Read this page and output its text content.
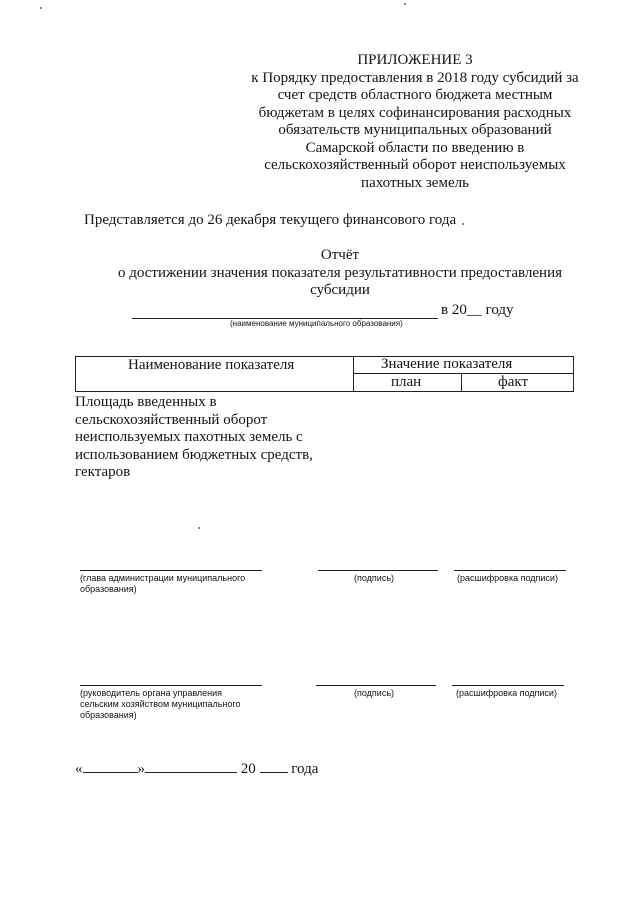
ПРИЛОЖЕНИЕ 3
к Порядку предоставления в 2018 году субсидий за
счет средств областного бюджета местным
бюджетам в целях софинансирования расходных
обязательств муниципальных образований
Самарской области по введению в
сельскохозяйственный оборот неиспользуемых
пахотных земель
Представляется до 26 декабря текущего финансового года
Отчёт
о достижении значения показателя результативности предоставления
субсидии
(наименование муниципального образования)
в 20__ году
Наименование показателя	Значение показателя
план	факт
Площадь введенных в
сельскохозяйственный оборот
неиспользуемых пахотных земель с
использованием бюджетных средств,
гектаров
(глава администрации муниципального
образования)
(подпись)	(расшифровка подписи)
(руководитель органа управления
сельским хозяйством муниципального
образования)
(подпись)	(расшифровка подписи)
«	»	20 года
